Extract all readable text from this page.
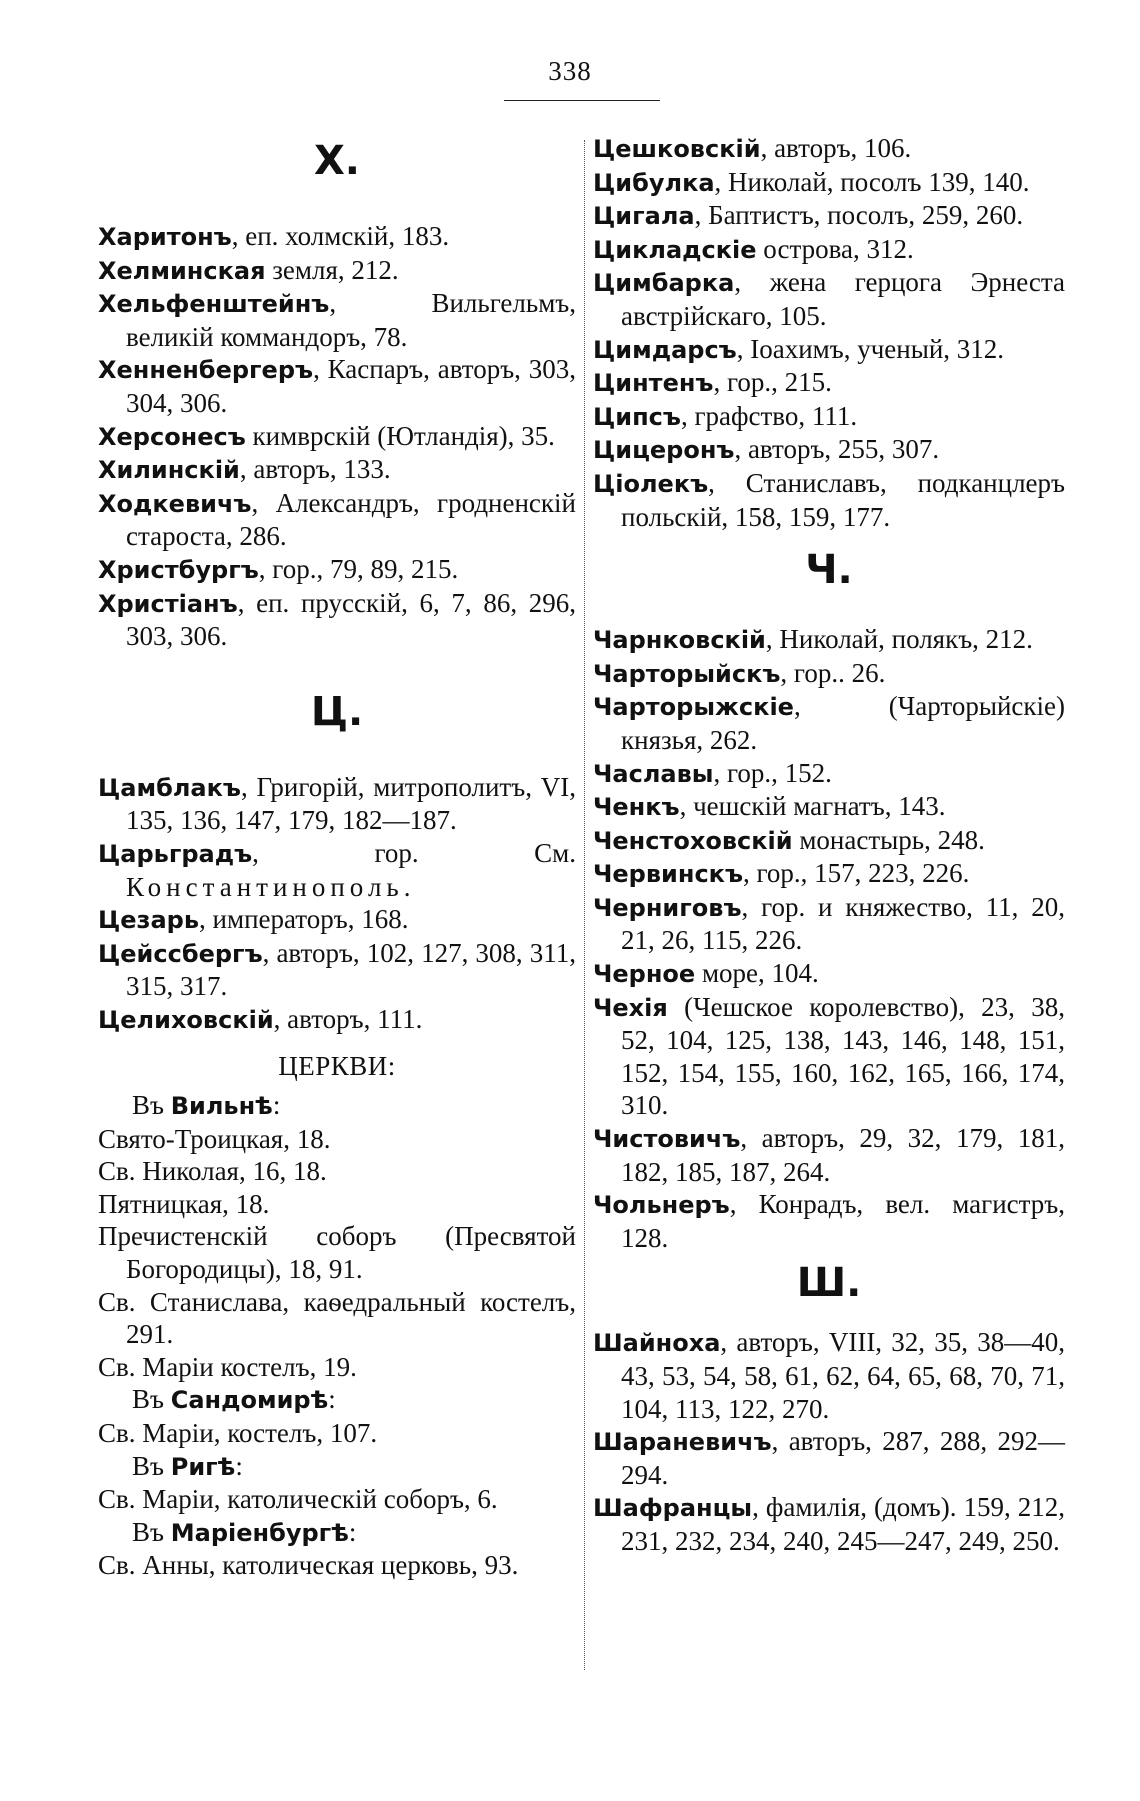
338
Х.
Харитонъ, еп. холмскій, 183.
Хелминская земля, 212.
Хельфенштейнъ, Вильгельмъ, великій коммандоръ, 78.
Хенненбергеръ, Каспаръ, авторъ, 303, 304, 306.
Херсонесъ кимврскій (Ютландія), 35.
Хилинскій, авторъ, 133.
Ходкевичъ, Александръ, гродненскій староста, 286.
Христбургъ, гор., 79, 89, 215.
Христіанъ, еп. прусскій, 6, 7, 86, 296, 303, 306.
Ц.
Цамблакъ, Григорій, митрополитъ, VI, 135, 136, 147, 179, 182—187.
Царьградъ, гор. См. Константинополь.
Цезарь, императоръ, 168.
Цейссбергъ, авторъ, 102, 127, 308, 311, 315, 317.
Целиховскій, авторъ, 111.
ЦЕРКВИ:
Въ Вильнѣ:
Свято-Троицкая, 18.
Св. Николая, 16, 18.
Пятницкая, 18.
Пречистенскій соборъ (Пресвятой Богородицы), 18, 91.
Св. Станислава, каѳедральный костелъ, 291.
Св. Маріи костелъ, 19.
Въ Сандомирѣ:
Св. Маріи, костелъ, 107.
Въ Ригѣ:
Св. Маріи, католическій соборъ, 6.
Въ Маріенбургѣ:
Св. Анны, католическая церковь, 93.
Цешковскій, авторъ, 106.
Цибулка, Николай, посолъ 139, 140.
Цигала, Баптистъ, посолъ, 259, 260.
Цикладскіе острова, 312.
Цимбарка, жена герцога Эрнеста австрійскаго, 105.
Цимдарсъ, Іоахимъ, ученый, 312.
Цинтенъ, гор., 215.
Ципсъ, графство, 111.
Цицеронъ, авторъ, 255, 307.
Ціолекъ, Станиславъ, подканцлеръ польскій, 158, 159, 177.
Ч.
Чарнковскій, Николай, полякъ, 212.
Чарторыйскъ, гор.. 26.
Чарторыжскіе, (Чарторыйскіе) князья, 262.
Чаславы, гор., 152.
Ченкъ, чешскій магнатъ, 143.
Ченстоховскій монастырь, 248.
Червинскъ, гор., 157, 223, 226.
Черниговъ, гор. и княжество, 11, 20, 21, 26, 115, 226.
Черное море, 104.
Чехія (Чешское королевство), 23, 38, 52, 104, 125, 138, 143, 146, 148, 151, 152, 154, 155, 160, 162, 165, 166, 174, 310.
Чистовичъ, авторъ, 29, 32, 179, 181, 182, 185, 187, 264.
Чольнеръ, Конрадъ, вел. магистръ, 128.
Ш.
Шайноха, авторъ, VIII, 32, 35, 38—40, 43, 53, 54, 58, 61, 62, 64, 65, 68, 70, 71, 104, 113, 122, 270.
Шараневичъ, авторъ, 287, 288, 292—294.
Шафранцы, фамилія, (домъ). 159, 212, 231, 232, 234, 240, 245—247, 249, 250.
